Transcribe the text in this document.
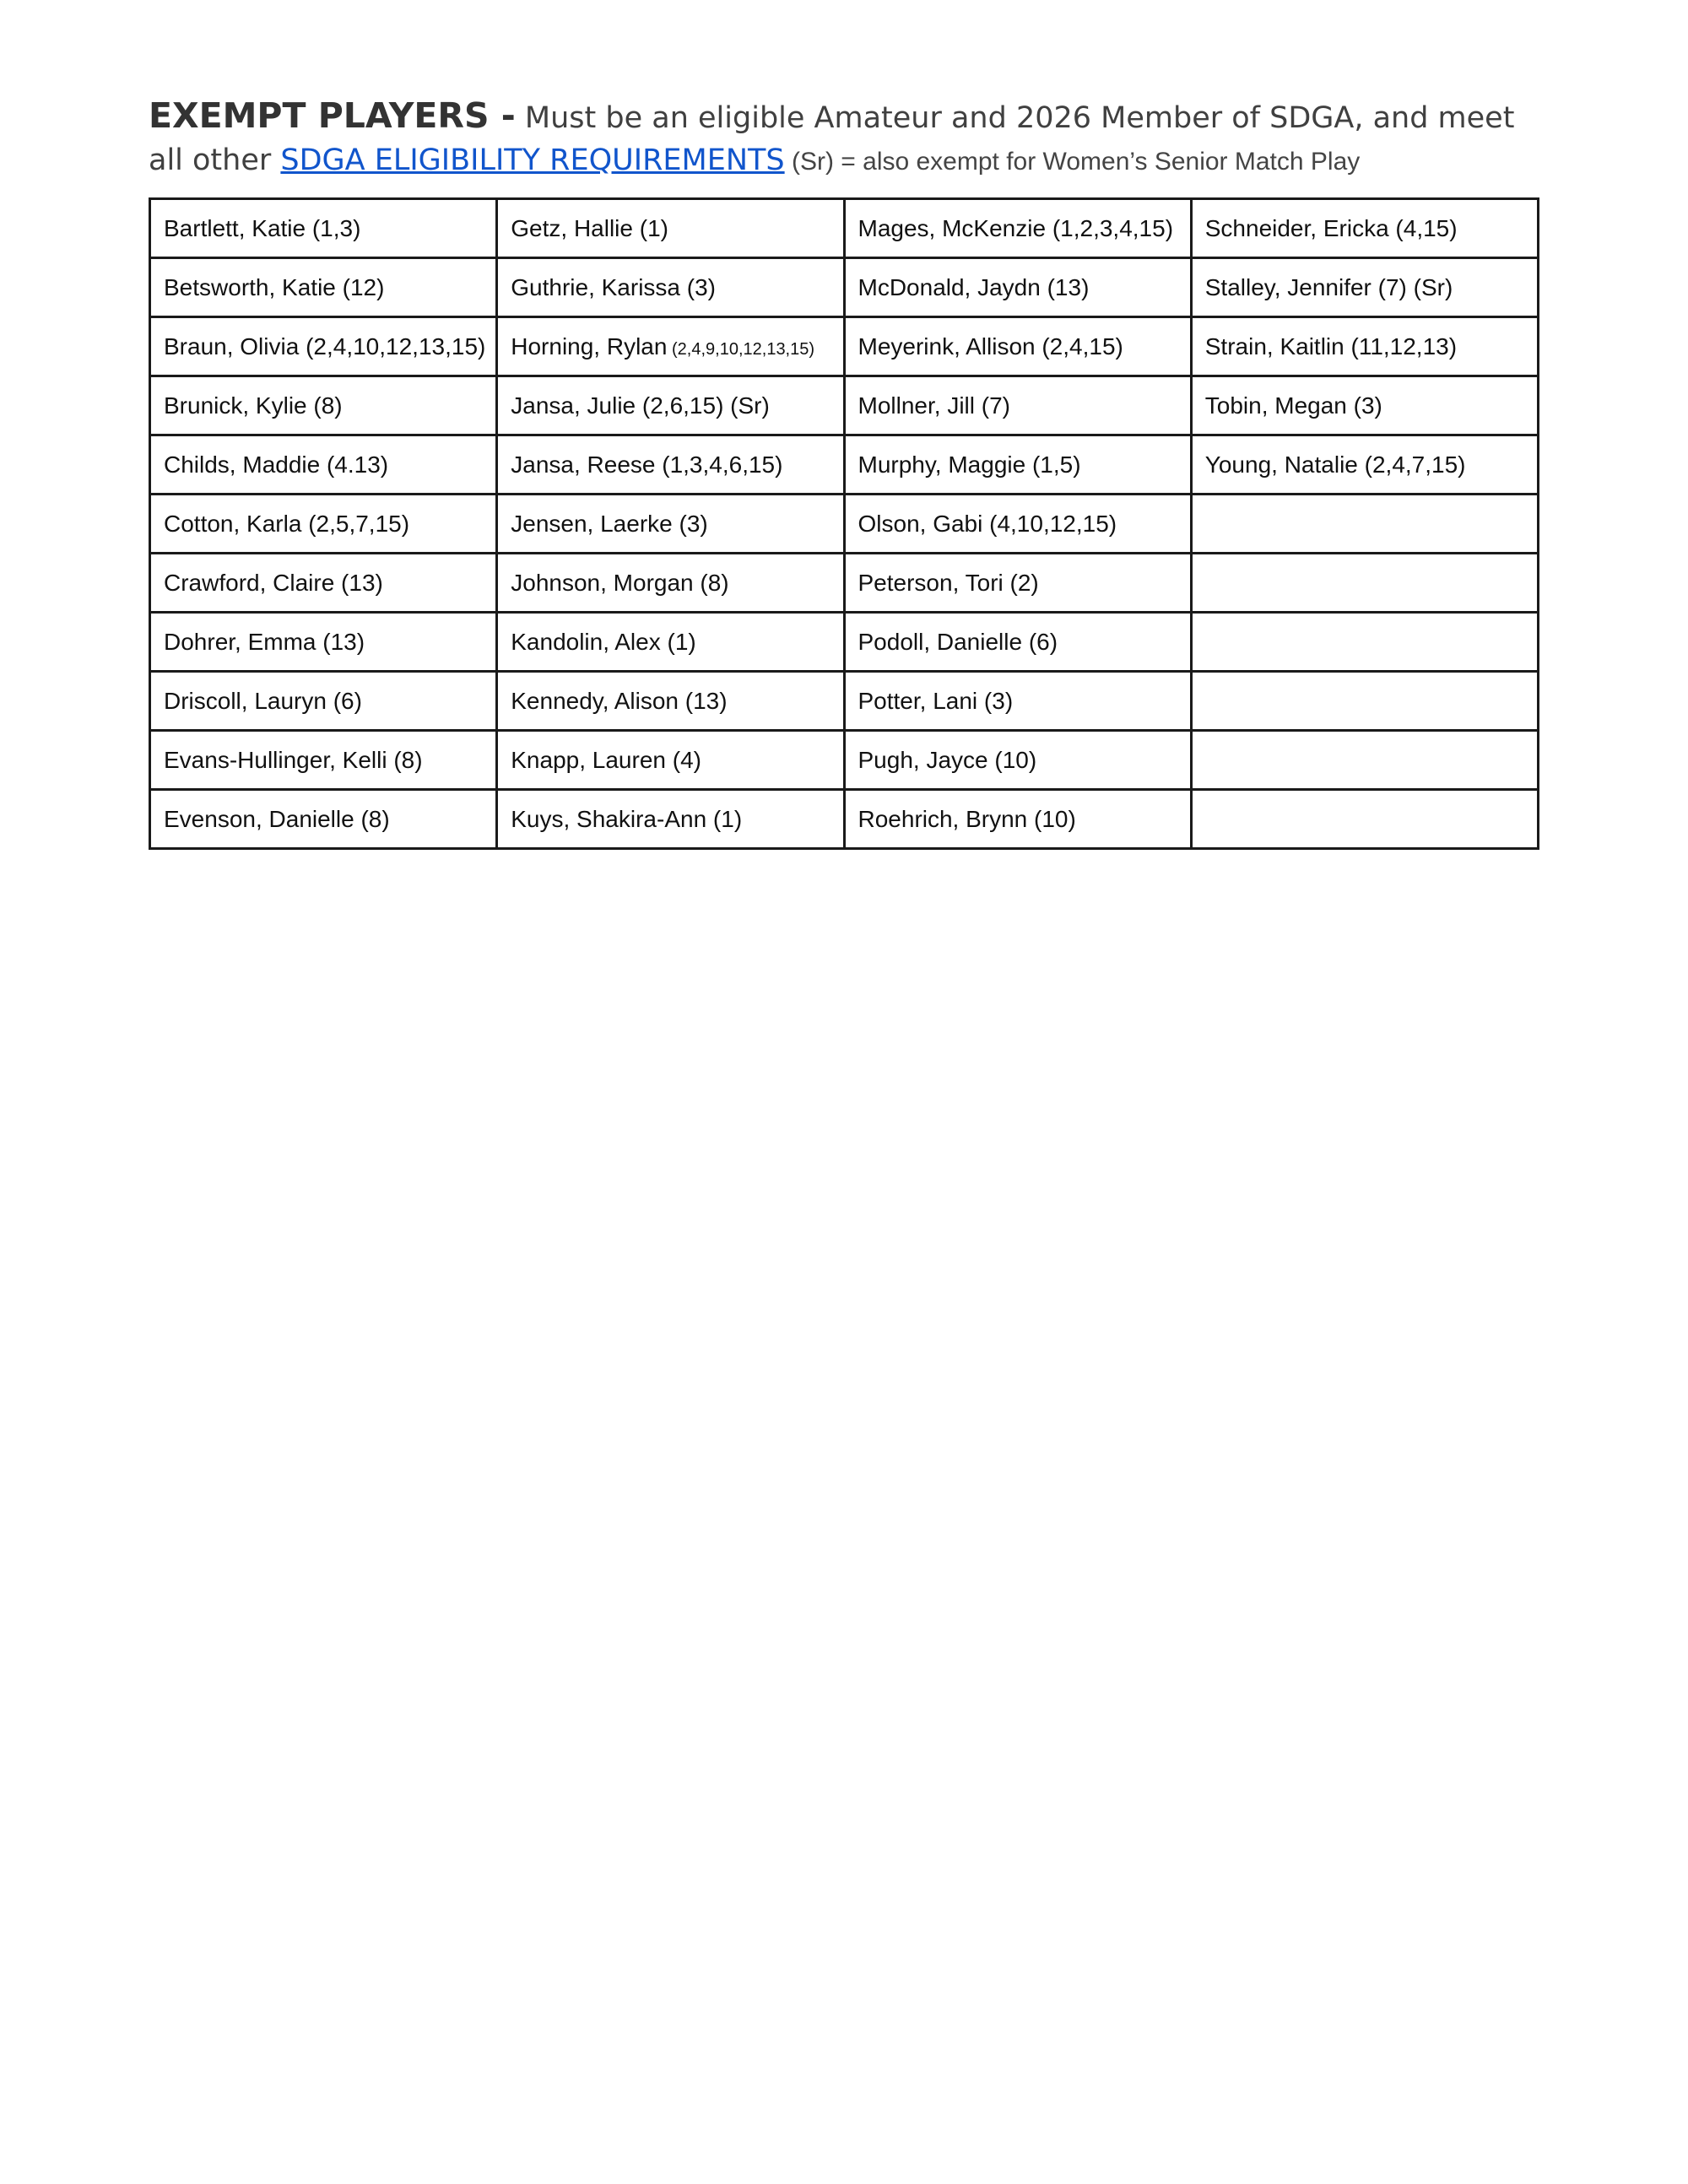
EXEMPT PLAYERS - Must be an eligible Amateur and 2026 Member of SDGA, and meet all other SDGA ELIGIBILITY REQUIREMENTS (Sr) = also exempt for Women’s Senior Match Play
Bartlett, Katie (1,3)	Getz, Hallie (1)	Mages, McKenzie (1,2,3,4,15)	Schneider, Ericka (4,15)
Betsworth, Katie (12)	Guthrie, Karissa (3)	McDonald, Jaydn (13)	Stalley, Jennifer (7) (Sr)
Braun, Olivia (2,4,10,12,13,15)	Horning, Rylan (2,4,9,10,12,13,15)	Meyerink, Allison (2,4,15)	Strain, Kaitlin (11,12,13)
Brunick, Kylie (8)	Jansa, Julie (2,6,15) (Sr)	Mollner, Jill (7)	Tobin, Megan (3)
Childs, Maddie (4.13)	Jansa, Reese (1,3,4,6,15)	Murphy, Maggie (1,5)	Young, Natalie (2,4,7,15)
Cotton, Karla (2,5,7,15)	Jensen, Laerke (3)	Olson, Gabi (4,10,12,15)	
Crawford, Claire (13)	Johnson, Morgan (8)	Peterson, Tori (2)	
Dohrer, Emma (13)	Kandolin, Alex (1)	Podoll, Danielle (6)	
Driscoll, Lauryn (6)	Kennedy, Alison (13)	Potter, Lani (3)	
Evans-Hullinger, Kelli (8)	Knapp, Lauren (4)	Pugh, Jayce (10)	
Evenson, Danielle (8)	Kuys, Shakira-Ann (1)	Roehrich, Brynn (10)	
